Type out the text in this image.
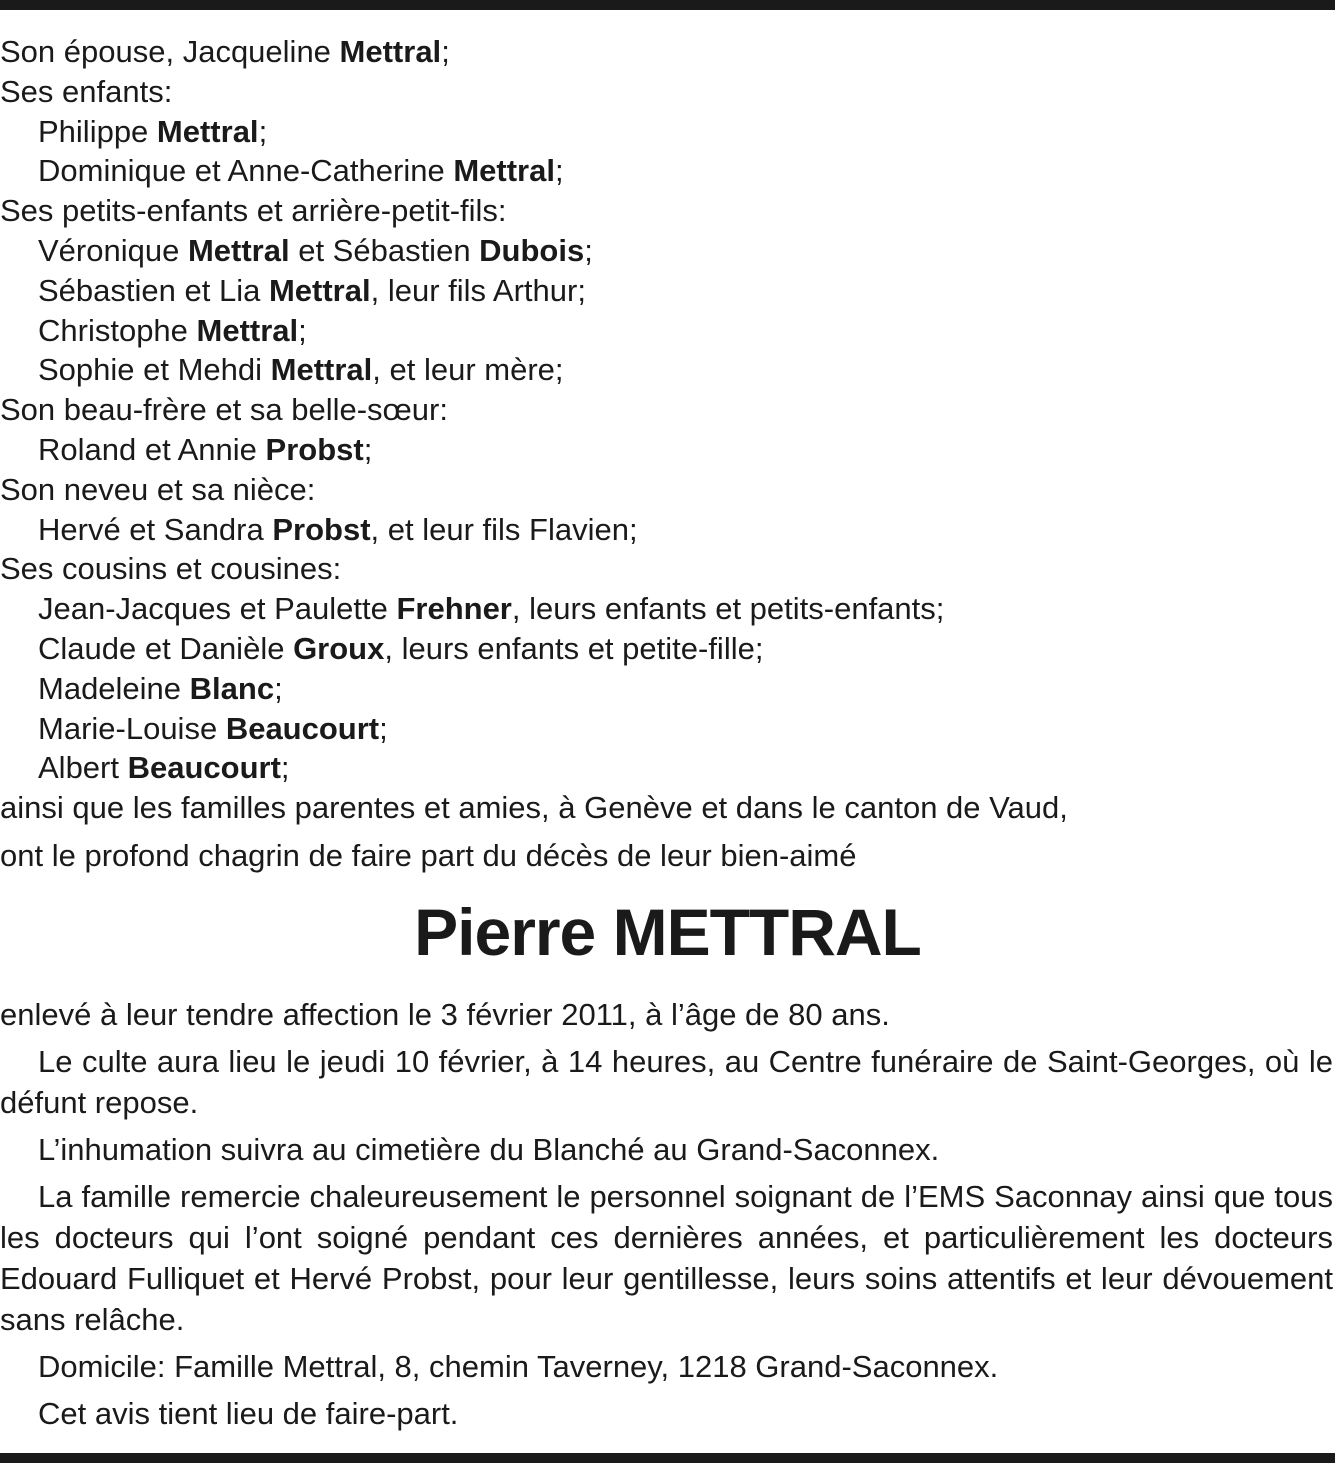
Son épouse, Jacqueline Mettral;
Ses enfants:
Philippe Mettral;
Dominique et Anne-Catherine Mettral;
Ses petits-enfants et arrière-petit-fils:
Véronique Mettral et Sébastien Dubois;
Sébastien et Lia Mettral, leur fils Arthur;
Christophe Mettral;
Sophie et Mehdi Mettral, et leur mère;
Son beau-frère et sa belle-sœur:
Roland et Annie Probst;
Son neveu et sa nièce:
Hervé et Sandra Probst, et leur fils Flavien;
Ses cousins et cousines:
Jean-Jacques et Paulette Frehner, leurs enfants et petits-enfants;
Claude et Danièle Groux, leurs enfants et petite-fille;
Madeleine Blanc;
Marie-Louise Beaucourt;
Albert Beaucourt;
ainsi que les familles parentes et amies, à Genève et dans le canton de Vaud,
ont le profond chagrin de faire part du décès de leur bien-aimé
Pierre METTRAL

enlevé à leur tendre affection le 3 février 2011, à l’âge de 80 ans.

Le culte aura lieu le jeudi 10 février, à 14 heures, au Centre funéraire de Saint-Georges, où le défunt repose.

L’inhumation suivra au cimetière du Blanché au Grand-Saconnex.

La famille remercie chaleureusement le personnel soignant de l’EMS Saconnay ainsi que tous les docteurs qui l’ont soigné pendant ces dernières années, et particulièrement les docteurs Edouard Fulliquet et Hervé Probst, pour leur gentillesse, leurs soins attentifs et leur dévouement sans relâche.

Domicile: Famille Mettral, 8, chemin Taverney, 1218 Grand-Saconnex.

Cet avis tient lieu de faire-part.
